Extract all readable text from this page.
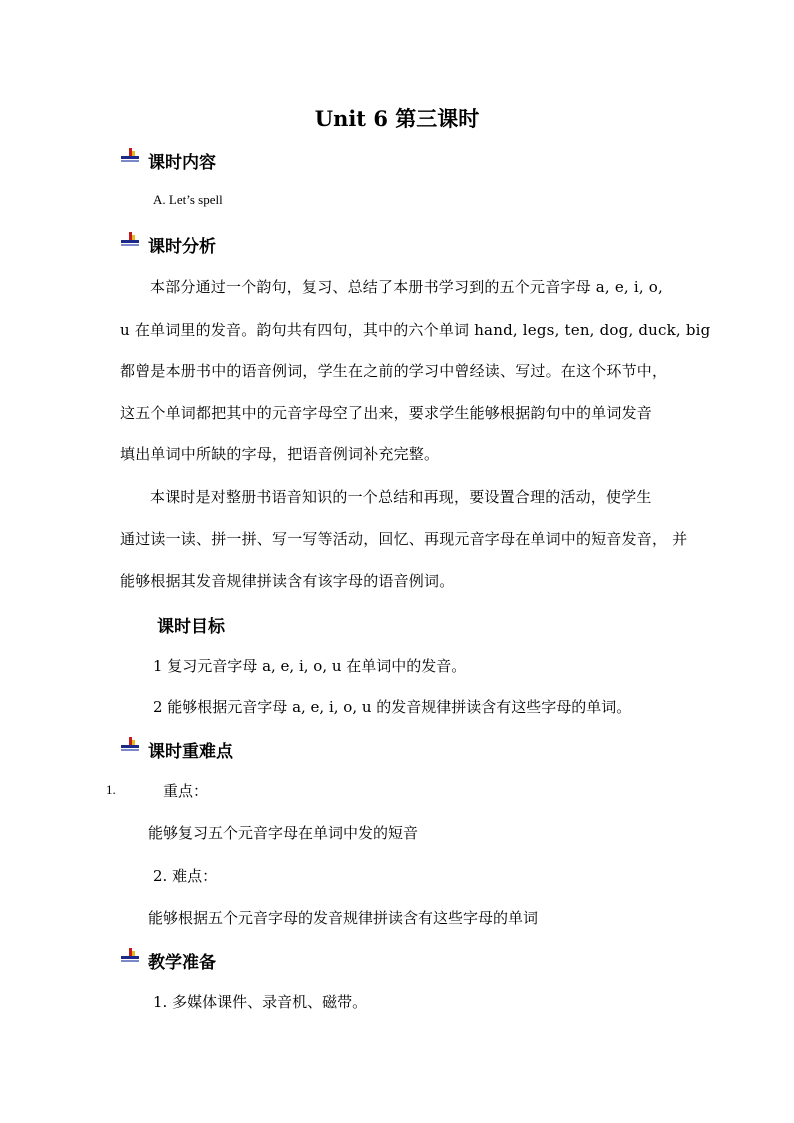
Unit 6 第三课时
课时内容
A. Let’s spell
课时分析
本部分通过一个韵句，复习、总结了本册书学习到的五个元音字母 a, e, i, o,
u 在单词里的发音。韵句共有四句，其中的六个单词 hand, legs, ten, dog, duck, big
都曾是本册书中的语音例词，学生在之前的学习中曾经读、写过。在这个环节中，
这五个单词都把其中的元音字母空了出来，要求学生能够根据韵句中的单词发音
填出单词中所缺的字母，把语音例词补充完整。
本课时是对整册书语音知识的一个总结和再现，要设置合理的活动，使学生
通过读一读、拼一拼、写一写等活动，回忆、再现元音字母在单词中的短音发音， 并
能够根据其发音规律拼读含有该字母的语音例词。
课时目标
1 复习元音字母 a, e, i, o, u 在单词中的发音。
2 能够根据元音字母 a, e, i, o, u 的发音规律拼读含有这些字母的单词。
课时重难点
1.	重点：
能够复习五个元音字母在单词中发的短音
2. 难点：
能够根据五个元音字母的发音规律拼读含有这些字母的单词
教学准备
1. 多媒体课件、录音机、磁带。
